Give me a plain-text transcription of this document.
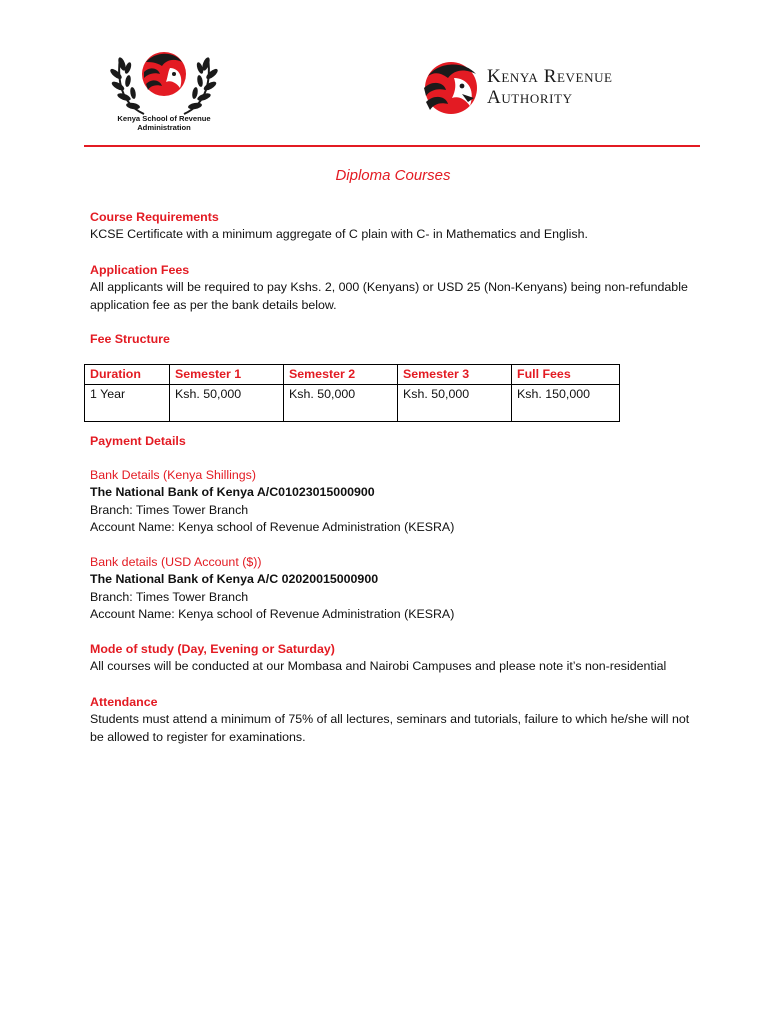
Kenya School of Revenue Administration
Kenya Revenue
Authority
Diploma Courses
Course Requirements
KCSE Certificate with a minimum aggregate of C plain with C- in Mathematics and English.
Application Fees
All applicants will be required to pay Kshs. 2, 000 (Kenyans) or USD 25 (Non-Kenyans) being non-refundable application fee as per the bank details below.
Fee Structure
Duration	Semester 1	Semester 2	Semester 3	Full Fees
1 Year	Ksh. 50,000	Ksh. 50,000	Ksh. 50,000	Ksh. 150,000
Payment Details
Bank Details (Kenya Shillings)
The National Bank of Kenya A/C01023015000900
Branch: Times Tower Branch
Account Name: Kenya school of Revenue Administration (KESRA)
Bank details (USD Account ($))
The National Bank of Kenya A/C 02020015000900
Branch: Times Tower Branch
Account Name: Kenya school of Revenue Administration (KESRA)
Mode of study (Day, Evening or Saturday)
All courses will be conducted at our Mombasa and Nairobi Campuses and please note it’s non-residential
Attendance
Students must attend a minimum of 75% of all lectures, seminars and tutorials, failure to which he/she will not be allowed to register for examinations.
